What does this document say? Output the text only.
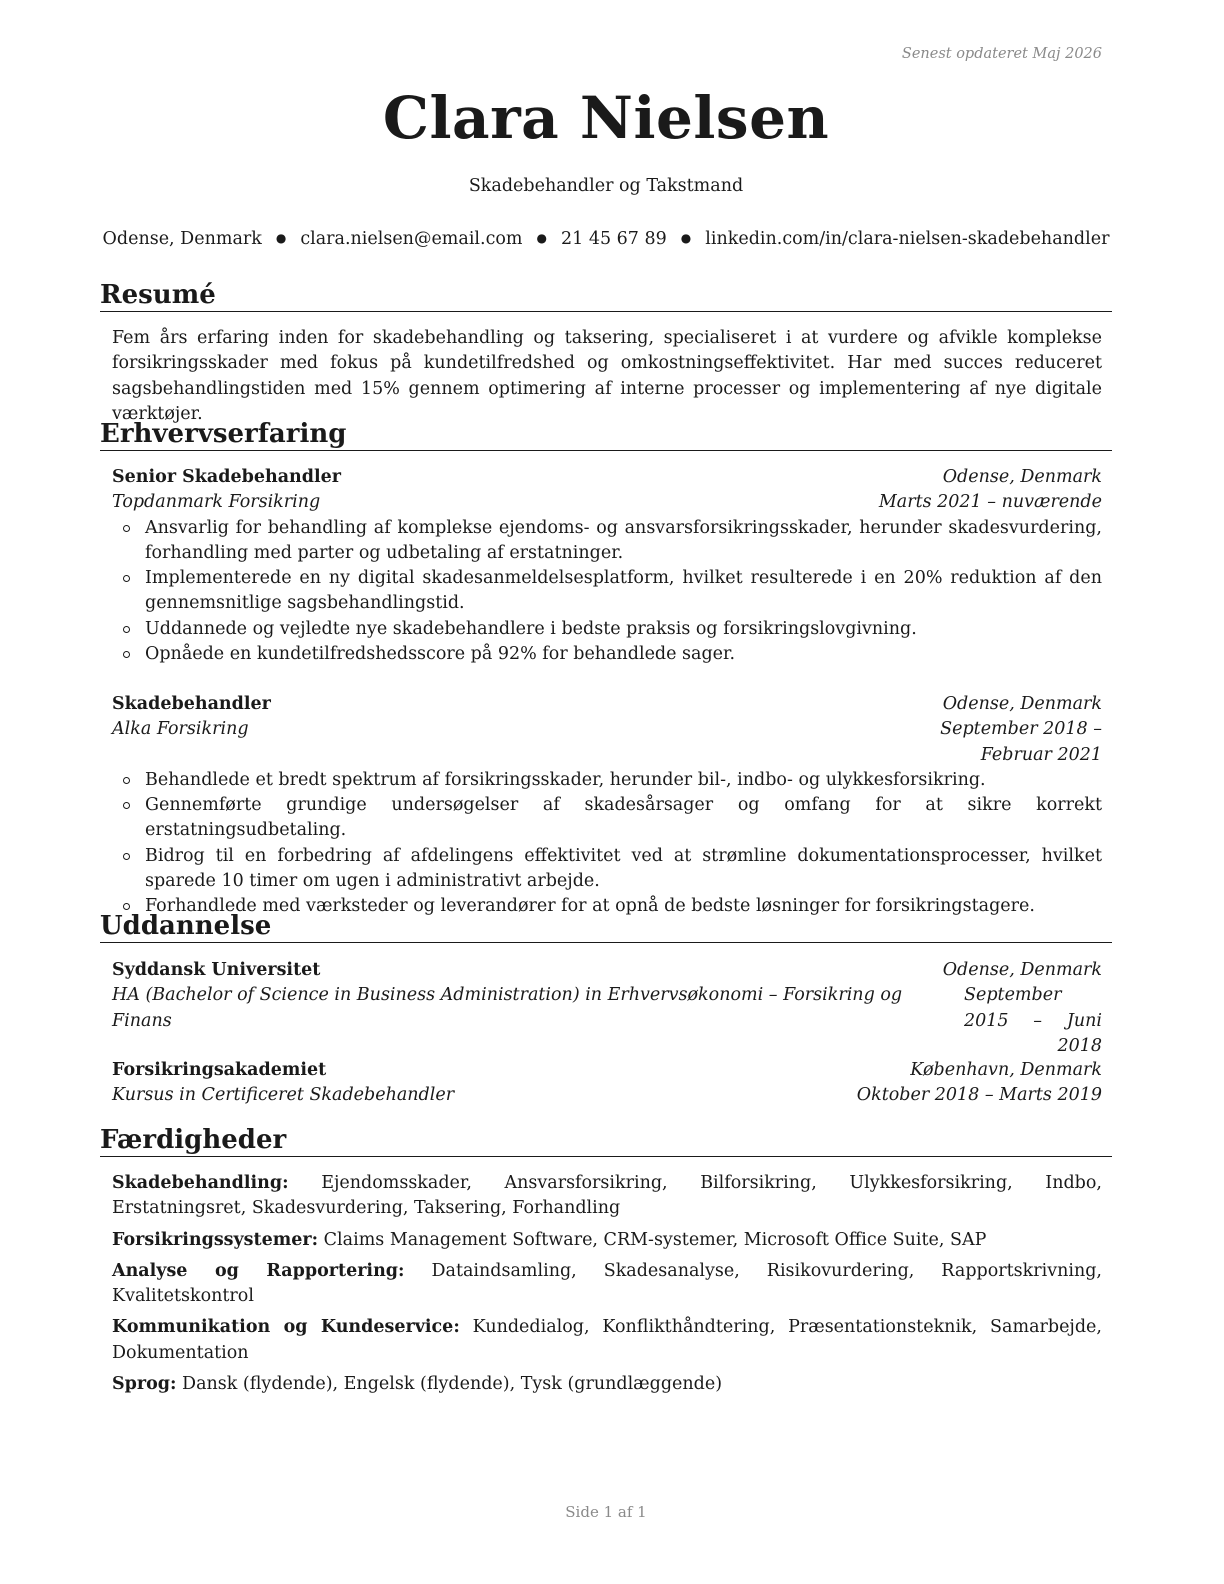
Senest opdateret Maj 2026
Clara Nielsen
Skadebehandler og Takstmand
Odense, Denmark ● clara.nielsen@email.com ● 21 45 67 89 ● linkedin.com/in/clara-nielsen-skadebehandler
Resumé
Fem års erfaring inden for skadebehandling og taksering, specialiseret i at vurdere og afvikle komplekse forsikringsskader med fokus på kundetilfredshed og omkostningseffektivitet. Har med succes reduceret sagsbehandlingstiden med 15% gennem optimering af interne processer og implementering af nye digitale værktøjer.
Erhvervserfaring
Senior Skadebehandler	Odense, Denmark
Topdanmark Forsikring	Marts 2021 – nuværende
Ansvarlig for behandling af komplekse ejendoms- og ansvarsforsikringsskader, herunder skadesvurdering, forhandling med parter og udbetaling af erstatninger.
Implementerede en ny digital skadesanmeldelsesplatform, hvilket resulterede i en 20% reduktion af den gennemsnitlige sagsbehandlingstid.
Uddannede og vejledte nye skadebehandlere i bedste praksis og forsikringslovgivning.
Opnåede en kundetilfredshedsscore på 92% for behandlede sager.
Skadebehandler	Odense, Denmark
Alka Forsikring	September 2018 – Februar 2021
Behandlede et bredt spektrum af forsikringsskader, herunder bil-, indbo- og ulykkesforsikring.
Gennemførte grundige undersøgelser af skadesårsager og omfang for at sikre korrekt erstatningsudbetaling.
Bidrog til en forbedring af afdelingens effektivitet ved at strømline dokumentationsprocesser, hvilket sparede 10 timer om ugen i administrativt arbejde.
Forhandlede med værksteder og leverandører for at opnå de bedste løsninger for forsikringstagere.
Uddannelse
Syddansk Universitet	Odense, Denmark
HA (Bachelor of Science in Business Administration) in Erhvervsøkonomi – Forsikring og Finans
September 2015 – Juni 2018
Forsikringsakademiet	København, Denmark
Kursus in Certificeret Skadebehandler	Oktober 2018 – Marts 2019
Færdigheder
Skadebehandling: Ejendomsskader, Ansvarsforsikring, Bilforsikring, Ulykkesforsikring, Indbo, Erstatningsret, Skadesvurdering, Taksering, Forhandling
Forsikringssystemer: Claims Management Software, CRM-systemer, Microsoft Office Suite, SAP
Analyse og Rapportering: Dataindsamling, Skadesanalyse, Risikovurdering, Rapportskrivning, Kvalitetskontrol
Kommunikation og Kundeservice: Kundedialog, Konflikthåndtering, Præsentationsteknik, Samarbejde, Dokumentation
Sprog: Dansk (flydende), Engelsk (flydende), Tysk (grundlæggende)
Side 1 af 1
